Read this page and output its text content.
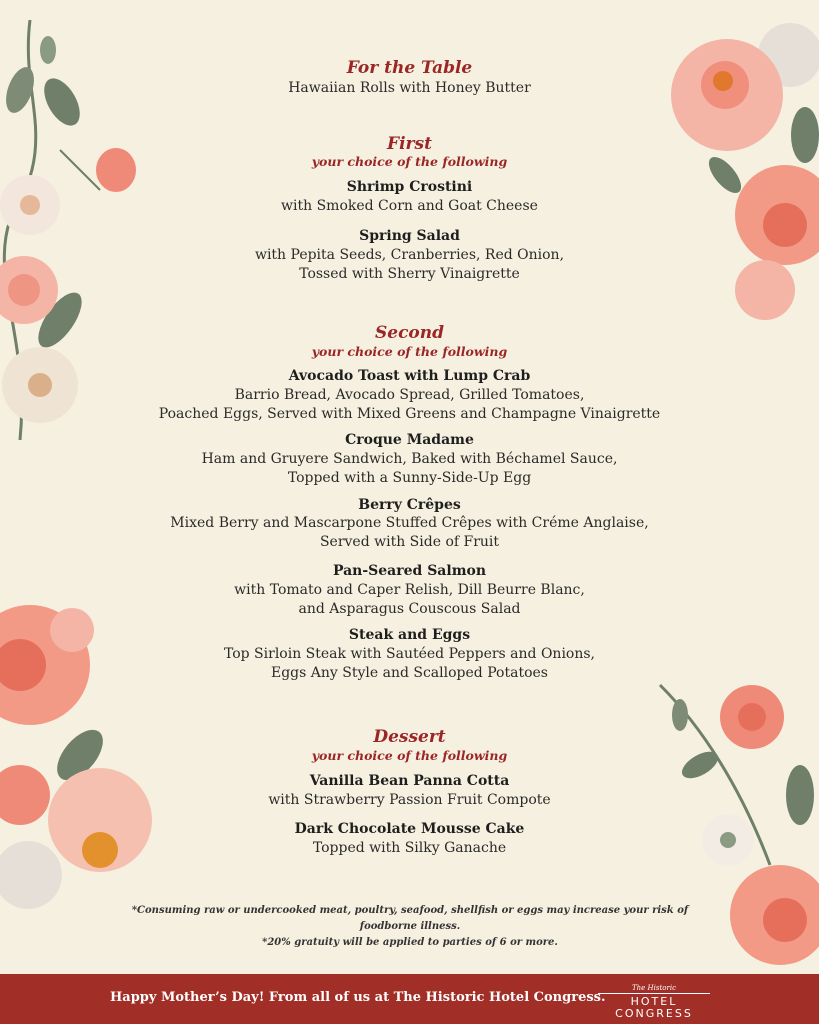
For the Table
Hawaiian Rolls with Honey Butter
First
your choice of the following
Shrimp Crostini
with Smoked Corn and Goat Cheese
Spring Salad
with Pepita Seeds, Cranberries, Red Onion,
Tossed with Sherry Vinaigrette
Second
your choice of the following
Avocado Toast with Lump Crab
Barrio Bread, Avocado Spread, Grilled Tomatoes,
Poached Eggs, Served with Mixed Greens and Champagne Vinaigrette
Croque Madame
Ham and Gruyere Sandwich, Baked with Béchamel Sauce,
Topped with a Sunny-Side-Up Egg
Berry Crêpes
Mixed Berry and Mascarpone Stuffed Crêpes with Créme Anglaise,
Served with Side of Fruit
Pan-Seared Salmon
with Tomato and Caper Relish, Dill Beurre Blanc,
and Asparagus Couscous Salad
Steak and Eggs
Top Sirloin Steak with Sautéed Peppers and Onions,
Eggs Any Style and Scalloped Potatoes
Dessert
your choice of the following
Vanilla Bean Panna Cotta
with Strawberry Passion Fruit Compote
Dark Chocolate Mousse Cake
Topped with Silky Ganache
*Consuming raw or undercooked meat, poultry, seafood, shellfish or eggs may increase your risk of
foodborne illness.
*20% gratuity will be applied to parties of 6 or more.
Happy Mother’s Day! From all of us at The Historic Hotel Congress.
The Historic
HOTEL CONGRESS
